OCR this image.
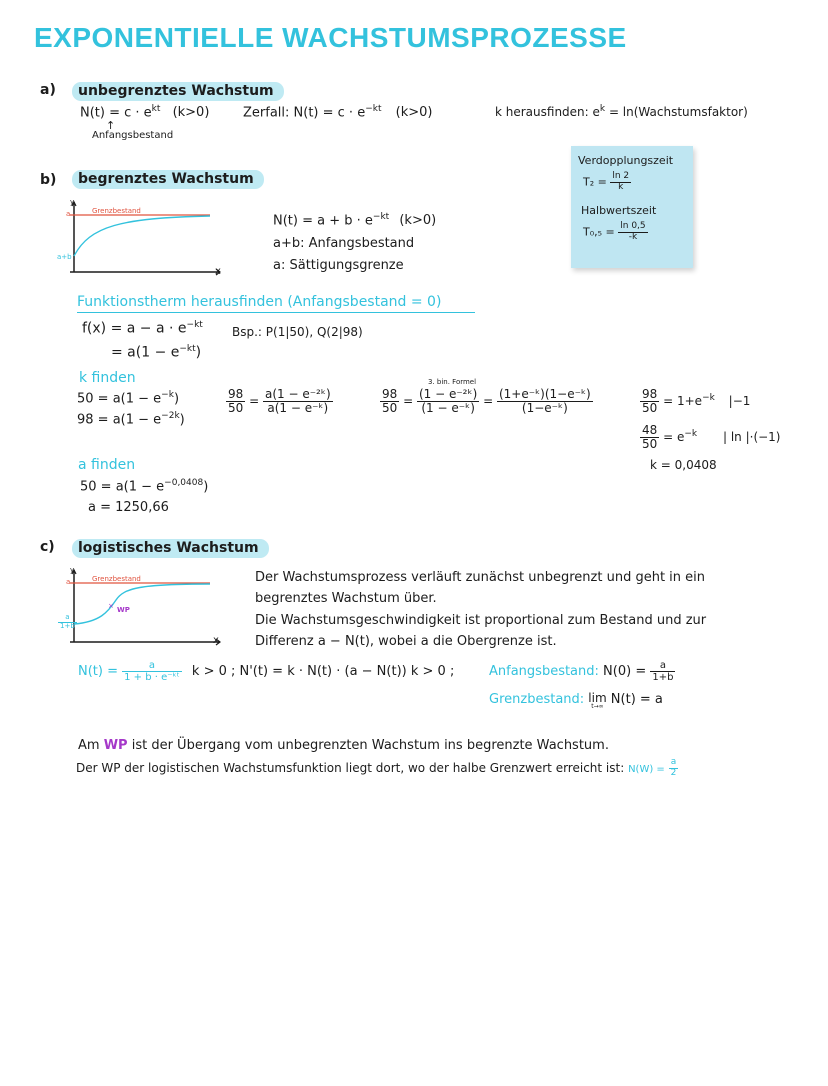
EXPONENTIELLE WACHSTUMSPROZESSE
a)	unbegrenztes Wachstum
$N(t) = c \cdot e^{kt}$ (k>0)
↑
Anfangsbestand
Zerfall: $N(t) = c \cdot e^{-kt}$ (k>0)	k herausfinden: $e^k$ = ln(Wachstumsfaktor)
Verdopplungszeit
$T_2 = \frac{\ln 2}{k}$
Halbwertszeit
$T_0,_5 = \frac{\ln 0,5}{-k}$
b)	begrenztes Wachstum
y
a
a+b
Grenzbestand
x
$N(t) = a + b \cdot e^{-kt}$ (k>0)
a+b: Anfangsbestand
a: Sättigungsgrenze
Funktionstherm herausfinden (Anfangsbestand = 0)
$f(x) = a - a \cdot e^{-kt}$
= $a(1 - e^{-kt})$
Bsp.: P(1|50), Q(2|98)
k finden
$50 = a(1 - e^{-k})$
$98 = a(1 - e^{-2k})$
$\frac{98}{50} = \frac{\text{a(1 − e⁻²ᵏ)}}{\text{a(1 − e⁻ᵏ)}}$
3. bin. Formel
$\frac{98}{50} = \frac{\text{(1 − e⁻²ᵏ)}}{\text{(1 − e⁻ᵏ)}} = \frac{\text{(1+e⁻ᵏ)(1−e⁻ᵏ)}}{\text{(1−e⁻ᵏ)}}$	$\frac{98}{50} = 1+e^{-k}$ |−1
$\frac{48}{50} = e^{-k}$ | ln |·(−1)
k = 0,0408
a finden
$50 = a(1 - e^{-0,0408})$
a = 1250,66
c)	logistisches Wachstum
×
y
a
$\frac{a}{1+b}$
Grenzbestand
WP
x
Der Wachstumsprozess verläuft zunächst unbegrenzt und geht in ein
begrenztes Wachstum über.
Die Wachstumsgeschwindigkeit ist proportional zum Bestand und zur
Differenz a − N(t), wobei a die Obergrenze ist.
$N(t) = \frac{a}{\text{1 + b · e⁻ᵏᵗ}}$ k > 0 ; N'(t) = k · N(t) · (a − N(t)) k > 0 ;	Anfangsbestand: $N(0) = \frac{a}{1+b}$
Grenzbestand: lim
t→∞ N(t) = a
Am WP ist der Übergang vom unbegrenzten Wachstum ins begrenzte Wachstum.
Der WP der logistischen Wachstumsfunktion liegt dort, wo der halbe Grenzwert erreicht ist: $N(W) = \frac{a}{2}$
